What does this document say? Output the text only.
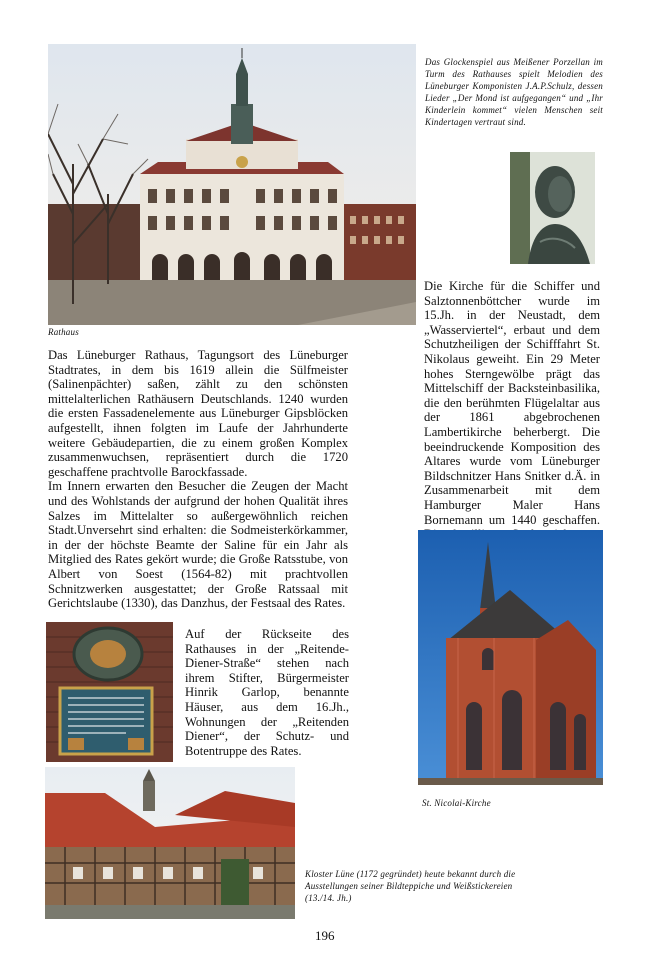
Das Glockenspiel aus Meißener Porzellan im Turm des Rathauses spielt Melodien des Lüneburger Komponisten J.A.P.Schulz, dessen Lieder „Der Mond ist aufgegangen“ und „Ihr Kinderlein kommet“ vielen Menschen seit Kindertagen vertraut sind.
Rathaus

Das Lüneburger Rathaus, Tagungsort des Lüneburger Stadtrates, in dem bis 1619 allein die Sülfmeister (Salinenpächter) saßen, zählt zu den schönsten mittelalterlichen Rathäusern Deutschlands. 1240 wurden die ersten Fassadenelemente aus Lüneburger Gipsblöcken aufgestellt, ihnen folgten im Laufe der Jahrhunderte weitere Gebäudepartien, die zu einem großen Komplex zusammenwuchsen, repräsentiert durch die 1720 geschaffene prachtvolle Barockfassade.

Im Innern erwarten den Besucher die Zeugen der Macht und des Wohlstands der aufgrund der hohen Qualität ihres Salzes im Mittelalter so außergewöhnlich reichen Stadt.Unversehrt sind erhalten: die Sodmeisterkörkammer, in der der höchste Beamte der Saline für ein Jahr als Mitglied des Rates gekört wurde; die Große Ratsstube, von Albert von Soest (1564-82) mit prachtvollen Schnitzwerken ausgestattet; der Große Ratssaal mit Gerichtslaube (1330), das Danzhus, der Festsaal des Rates.

Die Kirche für die Schiffer und Salztonnenböttcher wurde im 15.Jh. in der Neustadt, dem „Wasserviertel“, erbaut und dem Schutzheiligen der Schifffahrt St. Nikolaus geweiht. Ein 29 Meter hohes Sterngewölbe prägt das Mittelschiff der Backsteinbasilika, die den berühmten Flügelaltar aus der 1861 abgebrochenen Lambertikirche beherbergt. Die beeindruckende Komposition des Altares wurde vom Lüneburger Bildschnitzer Hans Snitker d.Ä. in Zusammenarbeit mit dem Hamburger Maler Hans Bornemann um 1440 geschaffen.

Auf der Rückseite des Rathauses in der „Reitende-Diener-Straße“ stehen nach ihrem Stifter, Bürgermeister Hinrik Garlop, benannte Häuser, aus dem 16.Jh., Wohnungen der „Reitenden Diener“, der Schutz- und Botentruppe des Rates.
St. Nicolai-Kirche
Kloster Lüne (1172 gegründet) heute bekannt durch die Ausstellungen seiner Bildteppiche und Weißstickereien (13./14. Jh.)
196
